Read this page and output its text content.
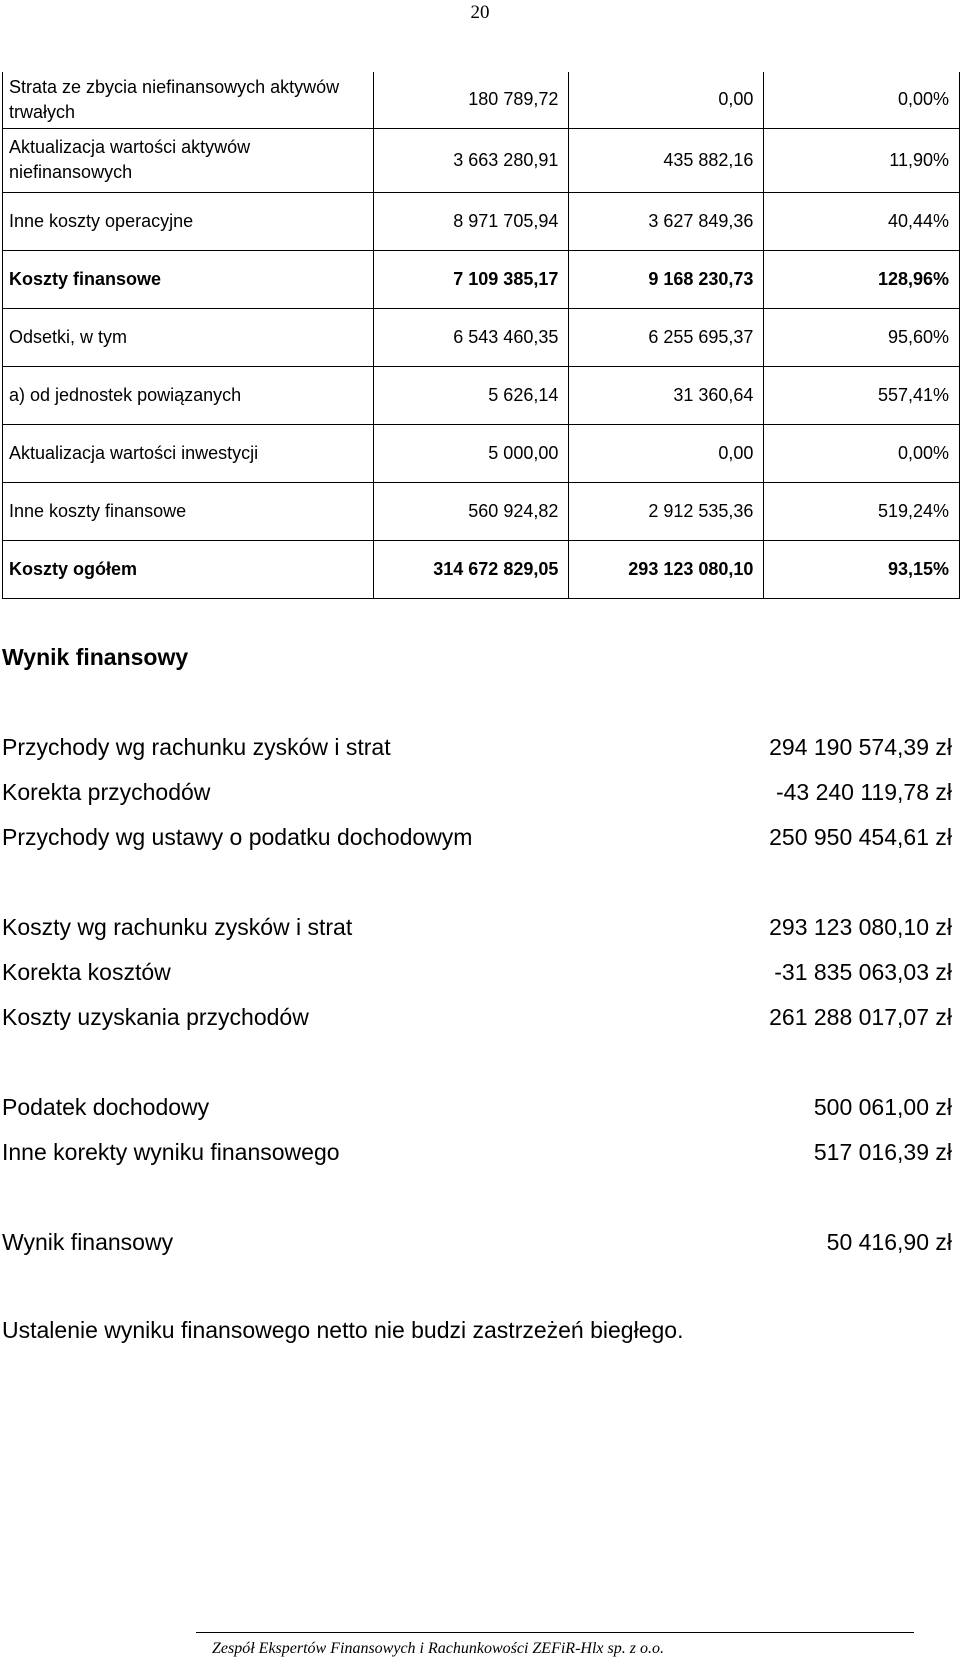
20
Strata ze zbycia niefinansowych aktywów trwałych	180 789,72	0,00	0,00%

Aktualizacja wartości aktywów niefinansowych	3 663 280,91	435 882,16	11,90%
Inne koszty operacyjne	8 971 705,94	3 627 849,36	40,44%
Koszty finansowe	7 109 385,17	9 168 230,73	128,96%
Odsetki, w tym	6 543 460,35	6 255 695,37	95,60%
a) od jednostek powiązanych	5 626,14	31 360,64	557,41%
Aktualizacja wartości inwestycji	5 000,00	0,00	0,00%
Inne koszty finansowe	560 924,82	2 912 535,36	519,24%
Koszty ogółem	314 672 829,05	293 123 080,10	93,15%
Wynik finansowy
Przychody wg rachunku zysków i strat	294 190 574,39 zł
Korekta przychodów	-43 240 119,78 zł
Przychody wg ustawy o podatku dochodowym	250 950 454,61 zł
Koszty wg rachunku zysków i strat	293 123 080,10 zł
Korekta kosztów	-31 835 063,03 zł
Koszty uzyskania przychodów	261 288 017,07 zł
Podatek dochodowy	500 061,00 zł
Inne korekty wyniku finansowego	517 016,39 zł
Wynik finansowy	50 416,90 zł
Ustalenie wyniku finansowego netto nie budzi zastrzeżeń biegłego.
Zespół Ekspertów Finansowych i Rachunkowości ZEFiR-Hlx sp. z o.o.
